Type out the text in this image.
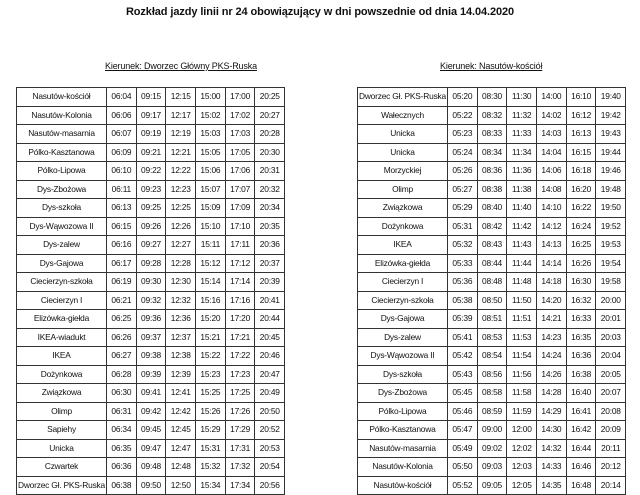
Rozkład jazdy linii nr 24 obowiązujący w dni powszednie od dnia 14.04.2020
Kierunek: Dworzec Główny PKS-Ruska	Kierunek: Nasutów-kościół
Nasutów-kościół	06:04	09:15	12:15	15:00	17:00	20:25
Nasutów-Kolonia	06:06	09:17	12:17	15:02	17:02	20:27
Nasutów-masarnia	06:07	09:19	12:19	15:03	17:03	20:28
Pólko-Kasztanowa	06:09	09:21	12:21	15:05	17:05	20:30
Pólko-Lipowa	06:10	09:22	12:22	15:06	17:06	20:31
Dys-Zbożowa	06:11	09:23	12:23	15:07	17:07	20:32
Dys-szkoła	06:13	09:25	12:25	15:09	17:09	20:34
Dys-Wąwozowa II	06:15	09:26	12:26	15:10	17:10	20:35
Dys-zalew	06:16	09:27	12:27	15:11	17:11	20:36
Dys-Gajowa	06:17	09:28	12:28	15:12	17:12	20:37
Ciecierzyn-szkoła	06:19	09:30	12:30	15:14	17:14	20:39
Ciecierzyn I	06:21	09:32	12:32	15:16	17:16	20:41
Elizówka-giełda	06:25	09:36	12:36	15:20	17:20	20:44
IKEA-wiadukt	06:26	09:37	12:37	15:21	17:21	20:45
IKEA	06:27	09:38	12:38	15:22	17:22	20:46
Dożynkowa	06:28	09:39	12:39	15:23	17:23	20:47
Związkowa	06:30	09:41	12:41	15:25	17:25	20:49
Olimp	06:31	09:42	12:42	15:26	17:26	20:50
Sapiehy	06:34	09:45	12:45	15:29	17:29	20:52
Unicka	06:35	09:47	12:47	15:31	17:31	20:53
Czwartek	06:36	09:48	12:48	15:32	17:32	20:54
Dworzec Gł. PKS-Ruska	06:38	09:50	12:50	15:34	17:34	20:56
Dworzec Gł. PKS-Ruska	05:20	08:30	11:30	14:00	16:10	19:40
Wałecznych	05:22	08:32	11:32	14:02	16:12	19:42
Unicka	05:23	08:33	11:33	14:03	16:13	19:43
Unicka	05:24	08:34	11:34	14:04	16:15	19:44
Morzyckiej	05:26	08:36	11:36	14:06	16:18	19:46
Olimp	05:27	08:38	11:38	14:08	16:20	19:48
Związkowa	05:29	08:40	11:40	14:10	16:22	19:50
Dożynkowa	05:31	08:42	11:42	14:12	16:24	19:52
IKEA	05:32	08:43	11:43	14:13	16:25	19:53
Elizówka-giełda	05:33	08:44	11:44	14:14	16:26	19:54
Ciecierzyn I	05:36	08:48	11:48	14:18	16:30	19:58
Ciecierzyn-szkoła	05:38	08:50	11:50	14:20	16:32	20:00
Dys-Gajowa	05:39	08:51	11:51	14:21	16:33	20:01
Dys-zalew	05:41	08:53	11:53	14:23	16:35	20:03
Dys-Wąwozowa II	05:42	08:54	11:54	14:24	16:36	20:04
Dys-szkoła	05:43	08:56	11:56	14:26	16:38	20:05
Dys-Zbożowa	05:45	08:58	11:58	14:28	16:40	20:07
Pólko-Lipowa	05:46	08:59	11:59	14:29	16:41	20:08
Pólko-Kasztanowa	05:47	09:00	12:00	14:30	16:42	20:09
Nasutów-masarnia	05:49	09:02	12:02	14:32	16:44	20:11
Nasutów-Kolonia	05:50	09:03	12:03	14:33	16:46	20:12
Nasutów-kościół	05:52	09:05	12:05	14:35	16:48	20:14
